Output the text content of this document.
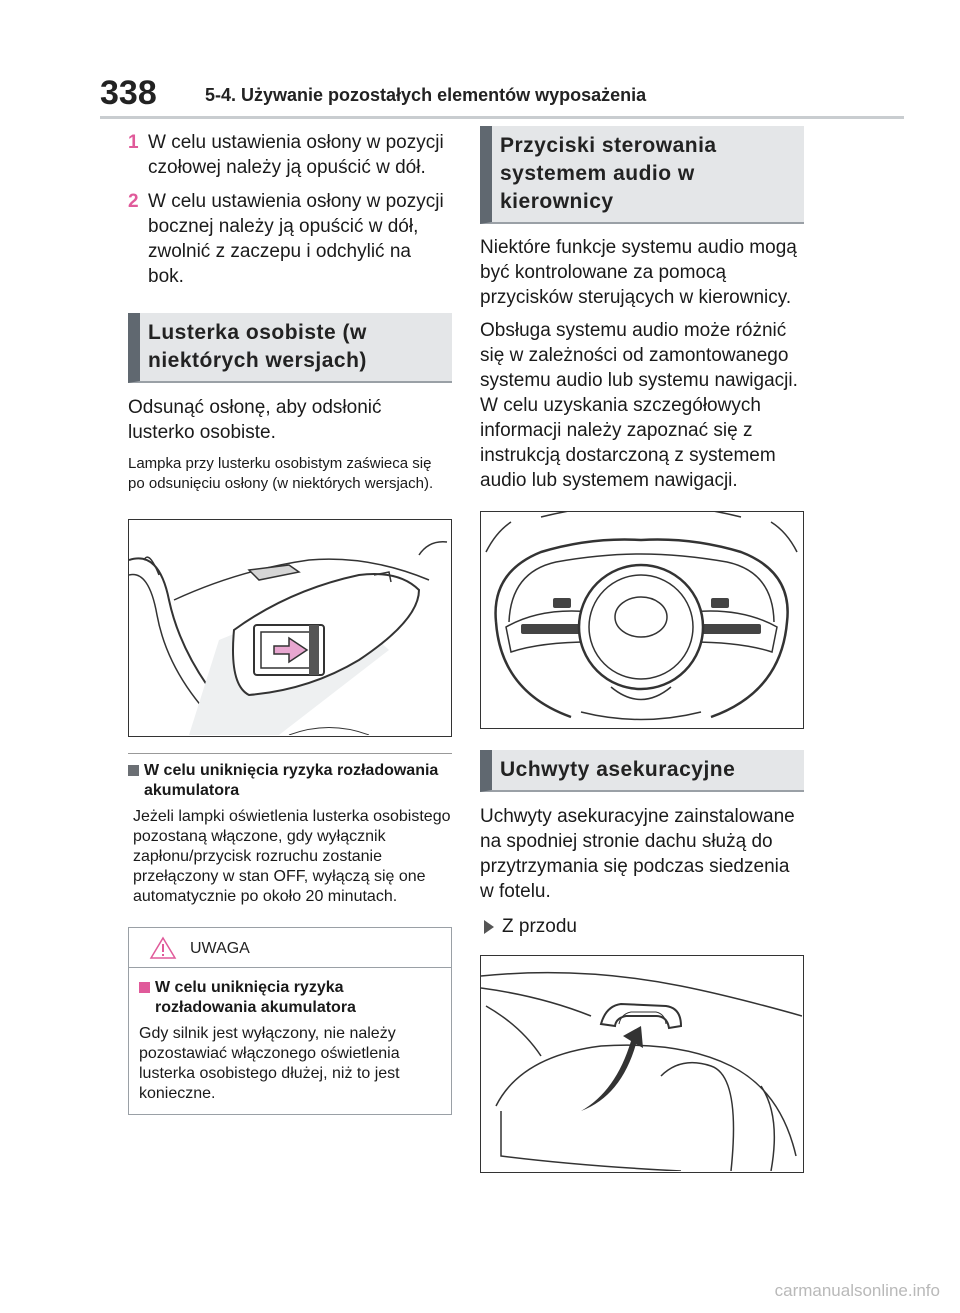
338	5-4. Używanie pozostałych elementów wyposażenia
1 W celu ustawienia osłony w pozycji czołowej należy ją opuścić w dół.
2 W celu ustawienia osłony w pozycji bocznej należy ją opuścić w dół, zwolnić z zaczepu i odchylić na bok.
Lusterka osobiste (w niektórych wersjach)
Odsunąć osłonę, aby odsłonić lusterko osobiste.
Lampka przy lusterku osobistym zaświeca się po odsunięciu osłony (w niektórych wersjach).
W celu uniknięcia ryzyka rozładowania akumulatora
Jeżeli lampki oświetlenia lusterka osobistego pozostaną włączone, gdy wyłącznik zapłonu/przycisk rozruchu zostanie przełączony w stan OFF, wyłączą się one automatycznie po około 20 minutach.
UWAGA
W celu uniknięcia ryzyka rozładowania akumulatora
Gdy silnik jest wyłączony, nie należy pozostawiać włączonego oświetlenia lusterka osobistego dłużej, niż to jest konieczne.
Przyciski sterowania systemem audio w kierownicy
Niektóre funkcje systemu audio mogą być kontrolowane za pomocą przycisków sterujących w kierownicy.
Obsługa systemu audio może różnić się w zależności od zamontowanego systemu audio lub systemu nawigacji. W celu uzyskania szczegółowych informacji należy zapoznać się z instrukcją dostarczoną z systemem audio lub systemem nawigacji.
Uchwyty asekuracyjne
Uchwyty asekuracyjne zainstalowane na spodniej stronie dachu służą do przytrzymania się podczas siedzenia w fotelu.
Z przodu
carmanualsonline.info
